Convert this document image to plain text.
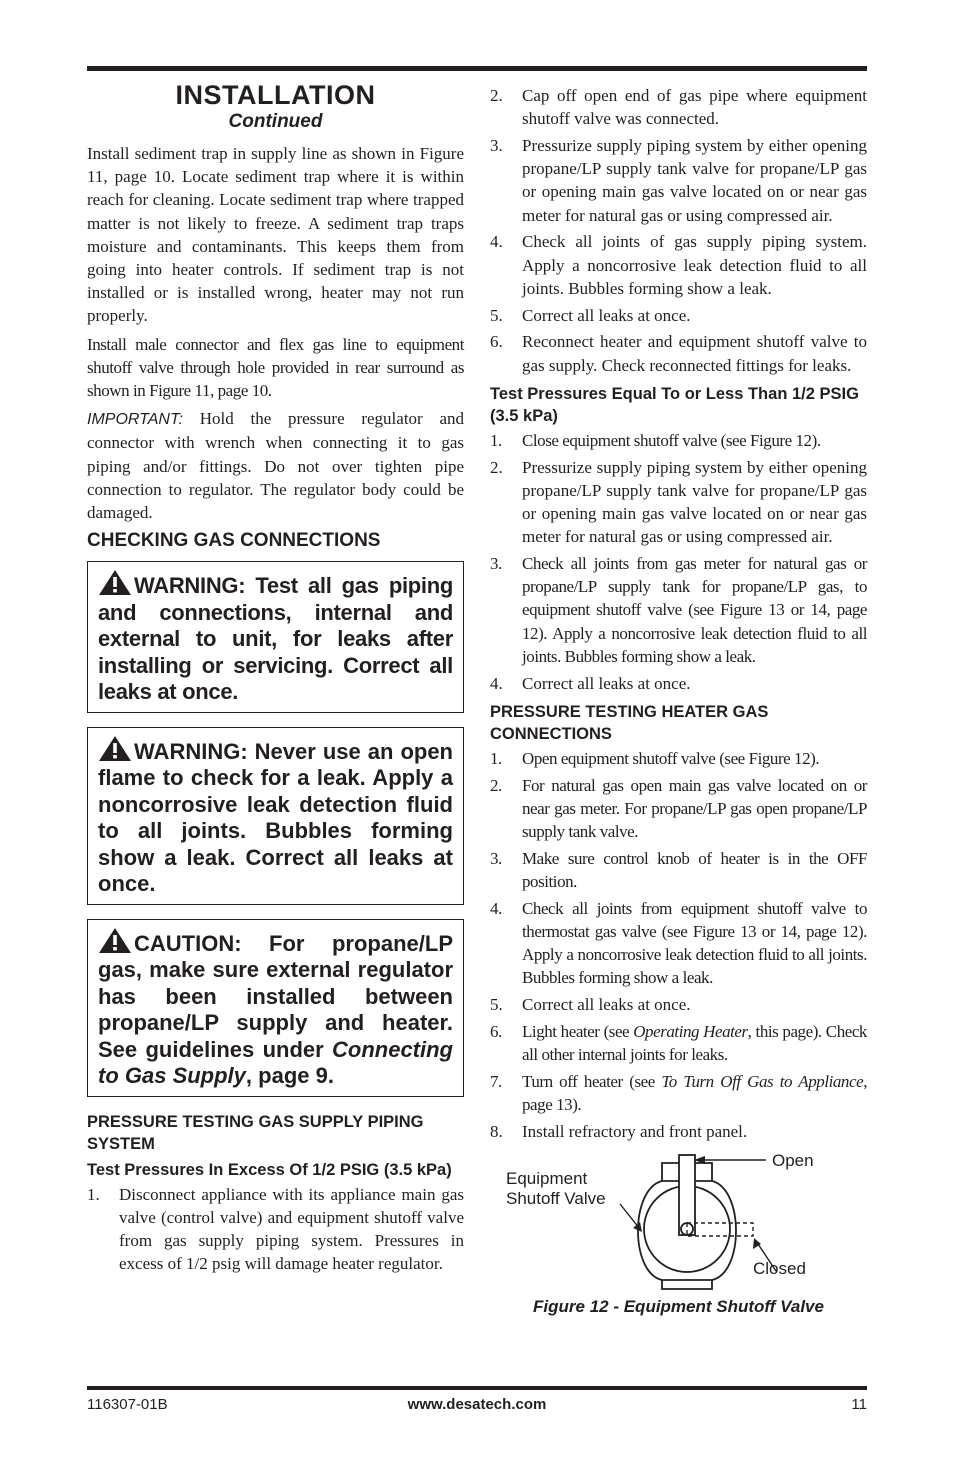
INSTALLATION
Continued

Install sediment trap in supply line as shown in Figure 11, page 10. Locate sediment trap where it is within reach for cleaning. Locate sediment trap where trapped matter is not likely to freeze. A sediment trap traps moisture and contaminants. This keeps them from going into heater controls. If sediment trap is not installed or is installed wrong, heater may not run properly.

Install male connector and flex gas line to equipment shutoff valve through hole provided in rear surround as shown in Figure 11, page 10.

IMPORTANT: Hold the pressure regulator and connector with wrench when connecting it to gas piping and/or fittings. Do not over tighten pipe connection to regulator. The regulator body could be damaged.

CHECKING GAS CONNECTIONS
WARNING: Test all gas piping and connections, internal and external to unit, for leaks after installing or servicing. Correct all leaks at once.
WARNING: Never use an open flame to check for a leak. Apply a noncorrosive leak detection fluid to all joints. Bubbles forming show a leak. Correct all leaks at once.
CAUTION: For propane/LP gas, make sure external regulator has been installed between propane/LP supply and heater. See guidelines under Connecting to Gas Supply, page 9.
PRESSURE TESTING GAS SUPPLY PIPING SYSTEM
Test Pressures In Excess Of 1/2 PSIG (3.5 kPa)
1. Disconnect appliance with its appliance main gas valve (control valve) and equipment shutoff valve from gas supply piping system. Pressures in excess of 1/2 psig will damage heater regulator.
2. Cap off open end of gas pipe where equipment shutoff valve was connected.
3. Pressurize supply piping system by either opening propane/LP supply tank valve for propane/LP gas or opening main gas valve located on or near gas meter for natural gas or using compressed air.
4. Check all joints of gas supply piping system. Apply a noncorrosive leak detection fluid to all joints. Bubbles forming show a leak.
5. Correct all leaks at once.
6. Reconnect heater and equipment shutoff valve to gas supply. Check reconnected fittings for leaks.
Test Pressures Equal To or Less Than 1/2 PSIG (3.5 kPa)
1. Close equipment shutoff valve (see Figure 12).
2. Pressurize supply piping system by either opening propane/LP supply tank valve for propane/LP gas or opening main gas valve located on or near gas meter for natural gas or using compressed air.
3. Check all joints from gas meter for natural gas or propane/LP supply tank for propane/LP gas, to equipment shutoff valve (see Figure 13 or 14, page 12). Apply a noncorrosive leak detection fluid to all joints. Bubbles forming show a leak.
4. Correct all leaks at once.
PRESSURE TESTING HEATER GAS CONNECTIONS
1. Open equipment shutoff valve (see Figure 12).
2. For natural gas open main gas valve located on or near gas meter. For propane/LP gas open propane/LP supply tank valve.
3. Make sure control knob of heater is in the OFF position.
4. Check all joints from equipment shutoff valve to thermostat gas valve (see Figure 13 or 14, page 12). Apply a noncorrosive leak detection fluid to all joints. Bubbles forming show a leak.
5. Correct all leaks at once.
6. Light heater (see Operating Heater, this page). Check all other internal joints for leaks.
7. Turn off heater (see To Turn Off Gas to Appliance, page 13).
8. Install refractory and front panel.
Equipment
Shutoff Valve
Open
Closed
Figure 12 - Equipment Shutoff Valve
116307-01B	www.desatech.com	11
